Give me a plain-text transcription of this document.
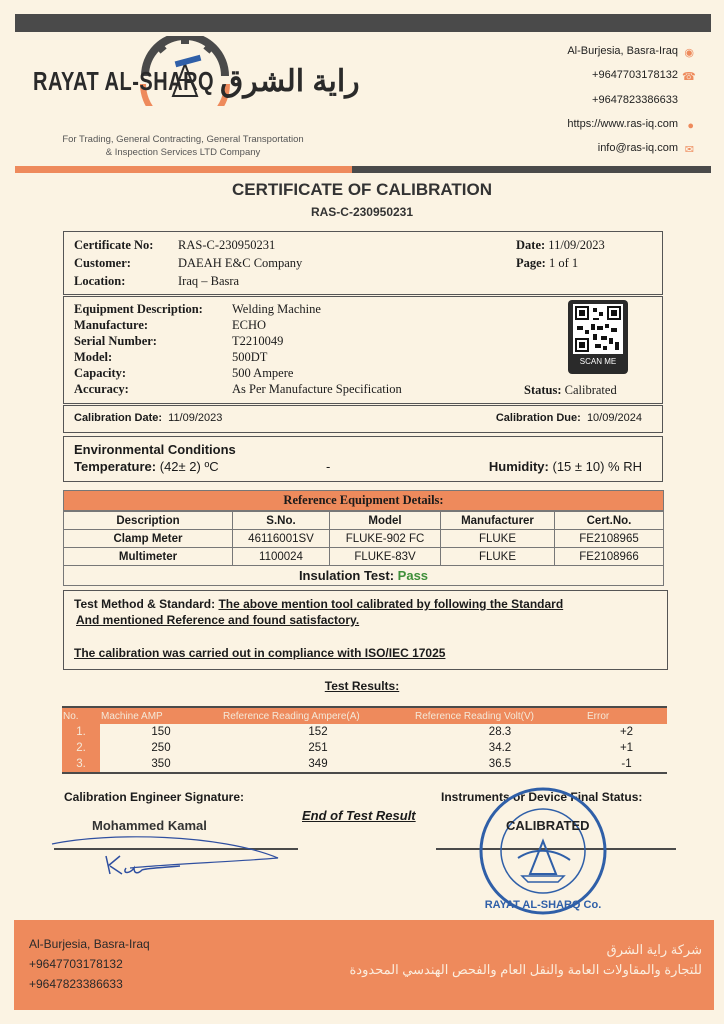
RAYAT AL-SHARQ راية الشرق
For Trading, General Contracting, General Transportation
& Inspection Services LTD Company
Al-Burjesia, Basra-Iraq ◉
+9647703178132 ☎
+9647823386633
https://www.ras-iq.com ●
info@ras-iq.com ✉
CERTIFICATE OF CALIBRATION
RAS-C-230950231
Certificate No: RAS-C-230950231
Customer:	DAEAH E&C Company
Location:	Iraq – Basra
Date: 11/09/2023
Page: 1 of 1
Equipment Description: Welding Machine
Manufacture:	ECHO
Serial Number:	T2210049
Model:	500DT
Capacity:	500 Ampere
Accuracy:	As Per Manufacture Specification
SCAN ME
Status: Calibrated
Calibration Date: 11/09/2023	Calibration Due: 10/09/2024
Environmental Conditions
Temperature: (42± 2) ºC	-	Humidity: (15 ± 10) % RH
Reference Equipment Details:
Description	S.No.	Model	Manufacturer	Cert.No.
Clamp Meter	46116001SV	FLUKE-902 FC	FLUKE	FE2108965
Multimeter	1100024	FLUKE-83V	FLUKE	FE2108966
Insulation Test: Pass				
Test Method & Standard: The above mention tool calibrated by following the Standard
And mentioned Reference and found satisfactory.
The calibration was carried out in compliance with ISO/IEC 17025
Test Results:
No.	Machine AMP	Reference Reading Ampere(A)	Reference Reading Volt(V)	Error
1.	150	152	28.3	+2
2.	250	251	34.2	+1
3.	350	349	36.5	-1
Calibration Engineer Signature:
Mohammed Kamal
End of Test Result
Instruments or Device Final Status:
RAYAT AL-SHARQ Co.
CALIBRATED
Al-Burjesia, Basra-Iraq
+9647703178132
+9647823386633
شركة راية الشرق
للتجارة والمقاولات العامة والنقل العام والفحص الهندسي المحدودة
